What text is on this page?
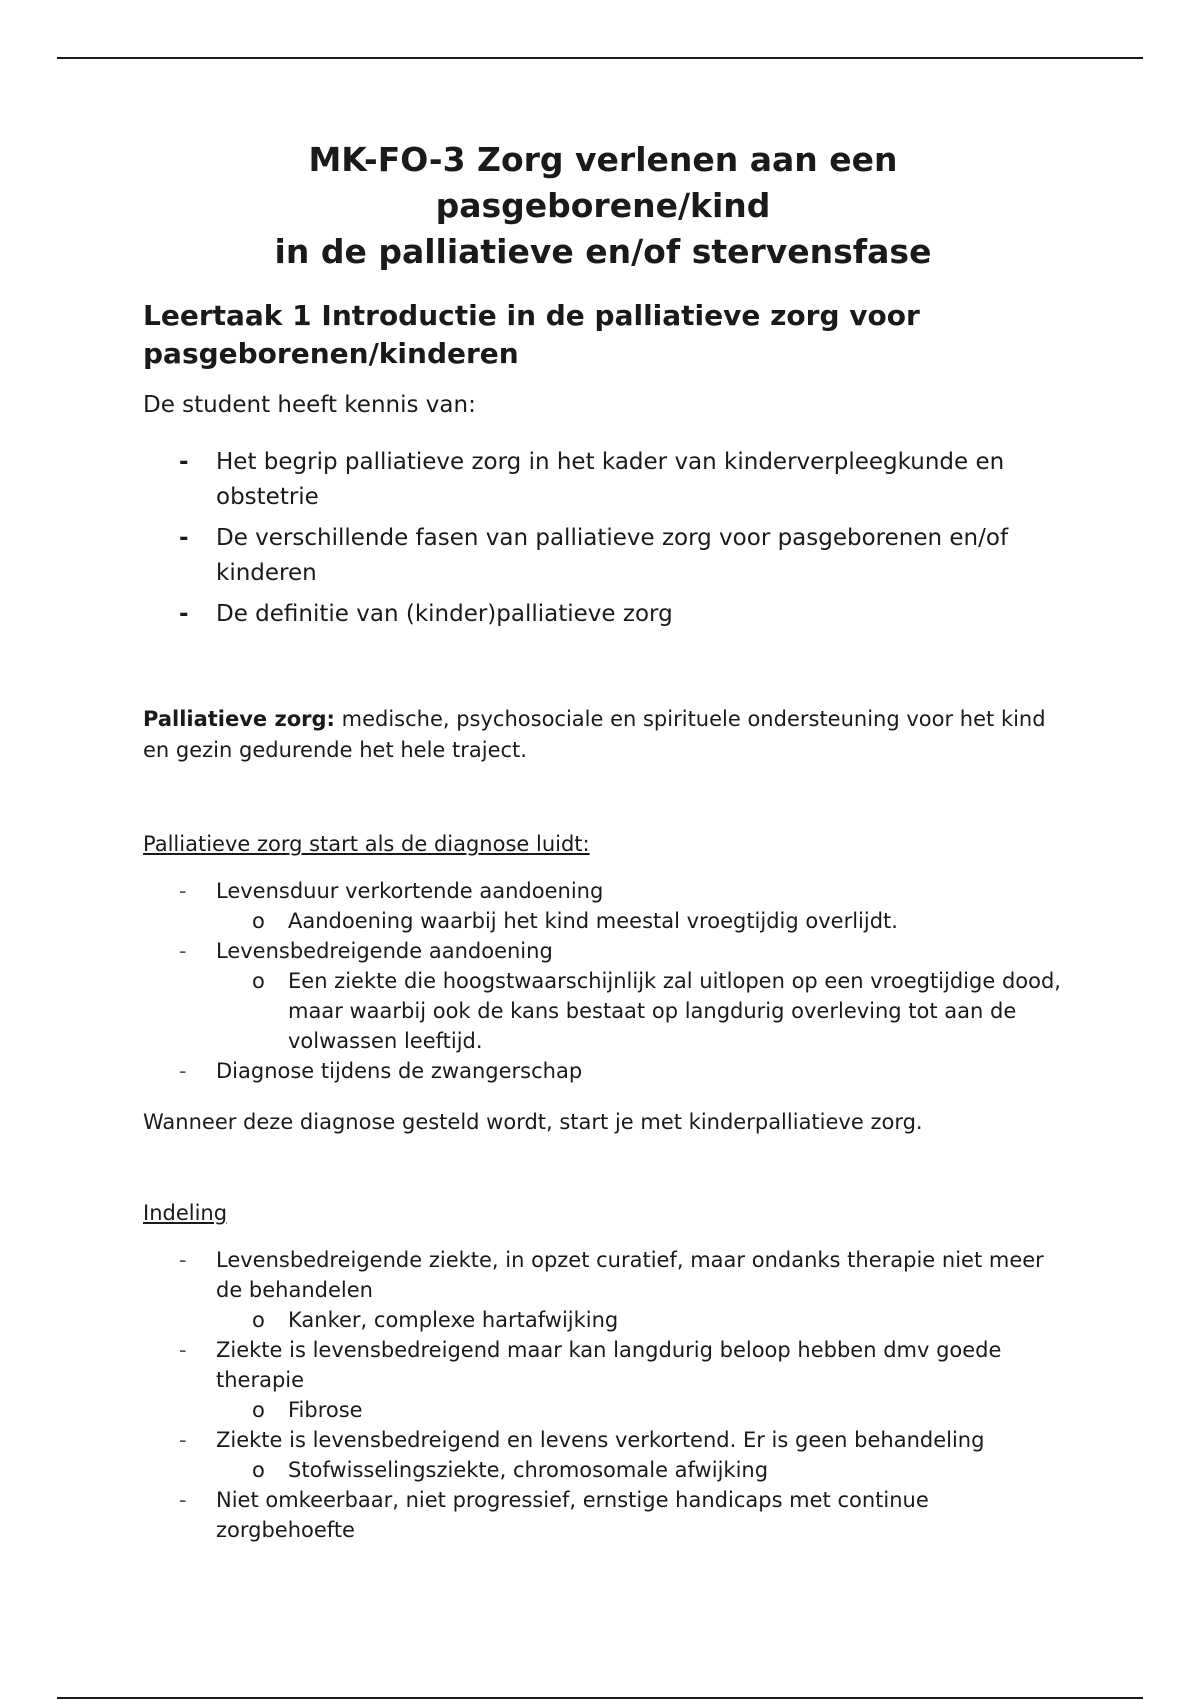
MK-FO-3 Zorg verlenen aan een pasgeborene/kind
in de palliatieve en/of stervensfase
Leertaak 1 Introductie in de palliatieve zorg voor
pasgeborenen/kinderen

De student heeft kennis van:

- Het begrip palliatieve zorg in het kader van kinderverpleegkunde en
obstetrie
- De verschillende fasen van palliatieve zorg voor pasgeborenen en/of
kinderen
- De definitie van (kinder)palliatieve zorg

Palliatieve zorg: medische, psychosociale en spirituele ondersteuning voor het kind en gezin gedurende het hele traject.

Palliatieve zorg start als de diagnose luidt:

- Levensduur verkortende aandoening
o Aandoening waarbij het kind meestal vroegtijdig overlijdt.
- Levensbedreigende aandoening
o Een ziekte die hoogstwaarschijnlijk zal uitlopen op een vroegtijdige dood, maar waarbij ook de kans bestaat op langdurig overleving tot aan de volwassen leeftijd.
- Diagnose tijdens de zwangerschap

Wanneer deze diagnose gesteld wordt, start je met kinderpalliatieve zorg.

Indeling

- Levensbedreigende ziekte, in opzet curatief, maar ondanks therapie niet meer de behandelen
o Kanker, complexe hartafwijking
- Ziekte is levensbedreigend maar kan langdurig beloop hebben dmv goede therapie
o Fibrose
- Ziekte is levensbedreigend en levens verkortend. Er is geen behandeling
o Stofwisselingsziekte, chromosomale afwijking
- Niet omkeerbaar, niet progressief, ernstige handicaps met continue zorgbehoefte
